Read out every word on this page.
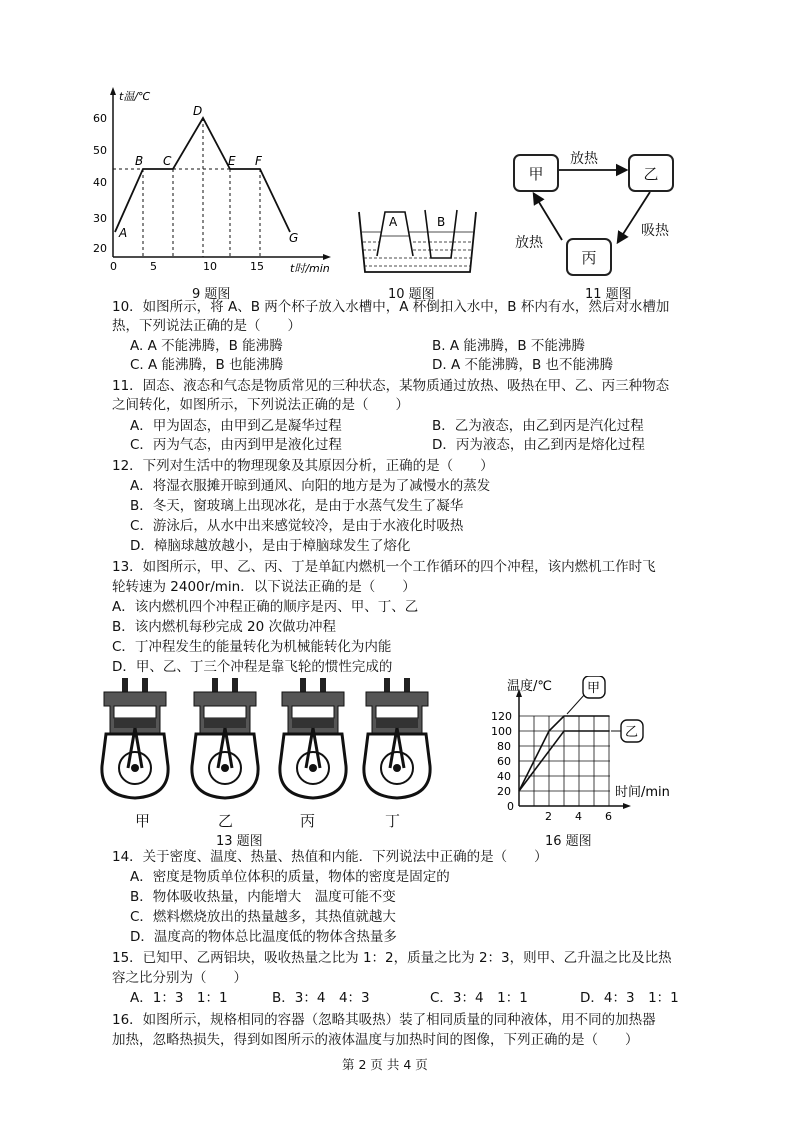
60
50
40
30
20
0	5	10	15
t温/℃
t时/min
A
B C
D
E F
G
9 题图
A	B
10 题图
甲	乙
丙
放热
吸热
放热
11 题图
10．如图所示，将 A、B 两个杯子放入水槽中，A 杯倒扣入水中，B 杯内有水，然后对水槽加
热，下列说法正确的是（　　）
A. A 不能沸腾，B 能沸腾	B. A 能沸腾，B 不能沸腾
C. A 能沸腾，B 也能沸腾	D. A 不能沸腾，B 也不能沸腾
11．固态、液态和气态是物质常见的三种状态，某物质通过放热、吸热在甲、乙、丙三种物态
之间转化，如图所示，下列说法正确的是（　　）
A．甲为固态，由甲到乙是凝华过程	B．乙为液态，由乙到丙是汽化过程
C．丙为气态，由丙到甲是液化过程	D．丙为液态，由乙到丙是熔化过程
12．下列对生活中的物理现象及其原因分析，正确的是（　　）
A．将湿衣服摊开晾到通风、向阳的地方是为了减慢水的蒸发
B．冬天，窗玻璃上出现冰花，是由于水蒸气发生了凝华
C．游泳后，从水中出来感觉较冷，是由于水液化时吸热
D．樟脑球越放越小，是由于樟脑球发生了熔化
13．如图所示，甲、乙、丙、丁是单缸内燃机一个工作循环的四个冲程，该内燃机工作时飞
轮转速为 2400r/min．以下说法正确的是（　　）
A．该内燃机四个冲程正确的顺序是丙、甲、丁、乙
B．该内燃机每秒完成 20 次做功冲程
C．丁冲程发生的能量转化为机械能转化为内能
D．甲、乙、丁三个冲程是靠飞轮的惯性完成的
甲	乙	丙	丁
13 题图
120
100
80
60
40
20
0
2 4 6
温度/℃
时间/min
甲
乙
16 题图
14．关于密度、温度、热量、热值和内能．下列说法中正确的是（　　）
A．密度是物质单位体积的质量，物体的密度是固定的
B．物体吸收热量，内能增大　温度可能不变
C．燃料燃烧放出的热量越多，其热值就越大
D．温度高的物体总比温度低的物体含热量多
15．已知甲、乙两铝块，吸收热量之比为 1：2，质量之比为 2：3，则甲、乙升温之比及比热
容之比分别为（　　）
A．1：3　1：1	B．3：4　4：3	C．3：4　1：1	D．4：3　1：1
16．如图所示，规格相同的容器（忽略其吸热）装了相同质量的同种液体，用不同的加热器
加热，忽略热损失，得到如图所示的液体温度与加热时间的图像，下列正确的是（　　）
第 2 页 共 4 页
